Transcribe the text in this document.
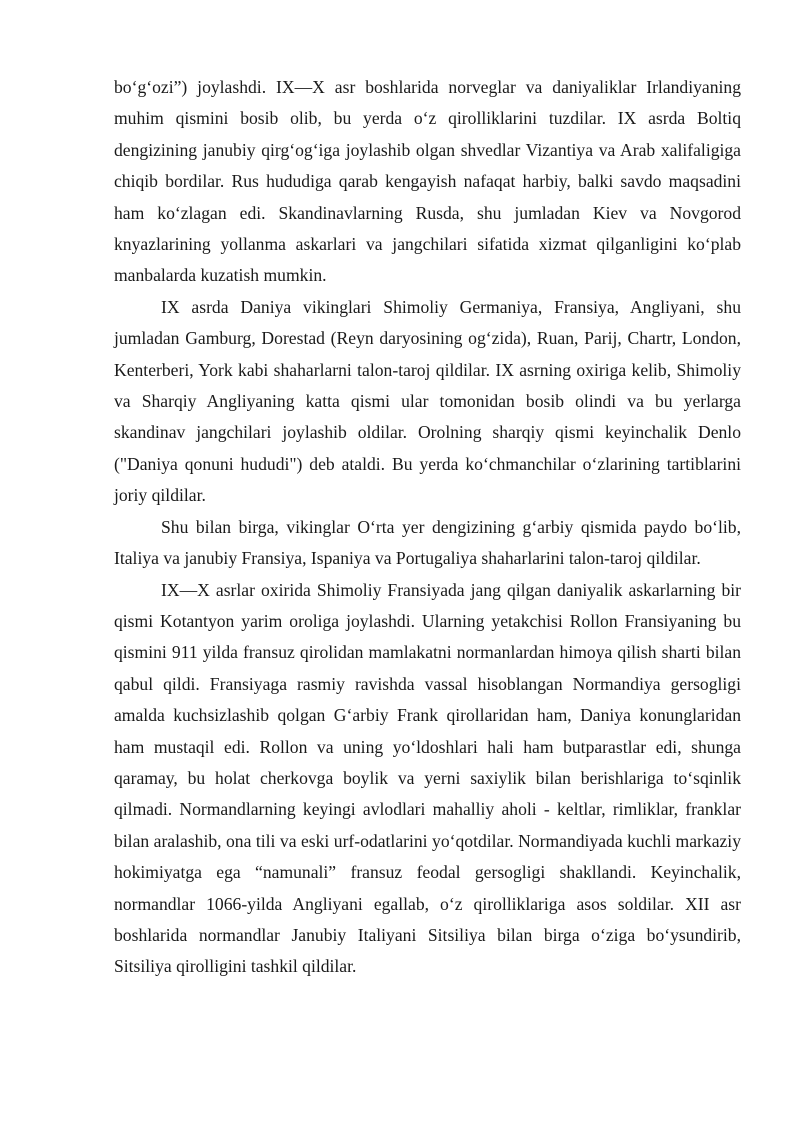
bo‘g‘ozi”) joylashdi. IX—X asr boshlarida norveglar va daniyaliklar Irlandiyaning muhim qismini bosib olib, bu yerda o‘z qirolliklarini tuzdilar. IX asrda Boltiq dengizining janubiy qirg‘og‘iga joylashib olgan shvedlar Vizantiya va Arab xalifaligiga chiqib bordilar. Rus hududiga qarab kengayish nafaqat harbiy, balki savdo maqsadini ham ko‘zlagan edi. Skandinavlarning Rusda, shu jumladan Kiev va Novgorod knyazlarining yollanma askarlari va jangchilari sifatida xizmat qilganligini ko‘plab manbalarda kuzatish mumkin.

IX asrda Daniya vikinglari Shimoliy Germaniya, Fransiya, Angliyani, shu jumladan Gamburg, Dorestad (Reyn daryosining og‘zida), Ruan, Parij, Chartr, London, Kenterberi, York kabi shaharlarni talon-taroj qildilar. IX asrning oxiriga kelib, Shimoliy va Sharqiy Angliyaning katta qismi ular tomonidan bosib olindi va bu yerlarga skandinav jangchilari joylashib oldilar. Orolning sharqiy qismi keyinchalik Denlo ("Daniya qonuni hududi") deb ataldi. Bu yerda ko‘chmanchilar o‘zlarining tartiblarini joriy qildilar.

Shu bilan birga, vikinglar O‘rta yer dengizining g‘arbiy qismida paydo bo‘lib, Italiya va janubiy Fransiya, Ispaniya va Portugaliya shaharlarini talon-taroj qildilar.

IX—X asrlar oxirida Shimoliy Fransiyada jang qilgan daniyalik askarlarning bir qismi Kotantyon yarim oroliga joylashdi. Ularning yetakchisi Rollon Fransiyaning bu qismini 911 yilda fransuz qirolidan mamlakatni normanlardan himoya qilish sharti bilan qabul qildi. Fransiyaga rasmiy ravishda vassal hisoblangan Normandiya gersogligi amalda kuchsizlashib qolgan G‘arbiy Frank qirollaridan ham, Daniya konunglaridan ham mustaqil edi. Rollon va uning yo‘ldoshlari hali ham butparastlar edi, shunga qaramay, bu holat cherkovga boylik va yerni saxiylik bilan berishlariga to‘sqinlik qilmadi. Normandlarning keyingi avlodlari mahalliy aholi - keltlar, rimliklar, franklar bilan aralashib, ona tili va eski urf-odatlarini yo‘qotdilar. Normandiyada kuchli markaziy hokimiyatga ega “namunali” fransuz feodal gersogligi shakllandi. Keyinchalik, normandlar 1066-yilda Angliyani egallab, o‘z qirolliklariga asos soldilar. XII asr boshlarida normandlar Janubiy Italiyani Sitsiliya bilan birga o‘ziga bo‘ysundirib, Sitsiliya qirolligini tashkil qildilar.
